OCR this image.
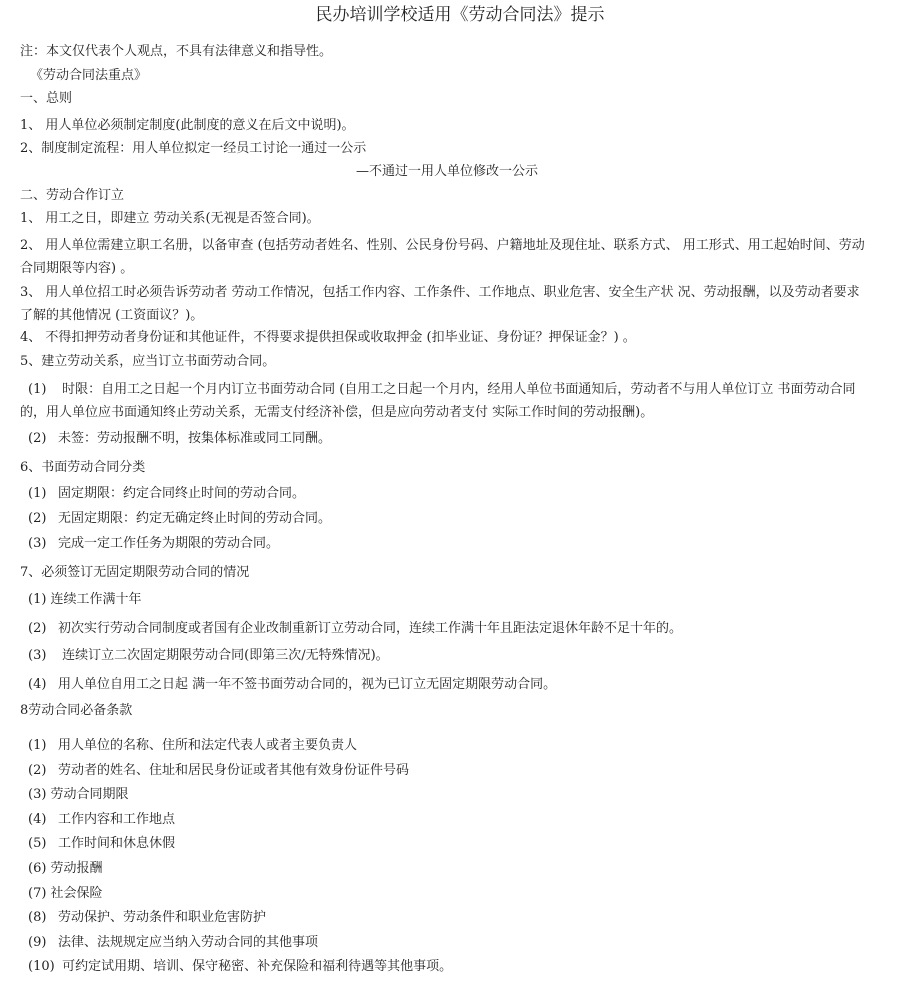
民办培训学校适用《劳动合同法》提示
注：本文仅代表个人观点，不具有法律意义和指导性。
《劳动合同法重点》
一、总则
1、 用人单位必须制定制度(此制度的意义在后文中说明)。
2、制度制定流程：用人单位拟定一经员工讨论一通过一公示
—不通过一用人单位修改一公示
二、劳动合作订立
1、 用工之日，即建立 劳动关系(无视是否签合同)。
2、 用人单位需建立职工名册，以备审查 (包括劳动者姓名、性别、公民身份号码、户籍地址及现住址、联系方式、 用工形式、用工起始时间、劳动合同期限等内容) 。
3、 用人单位招工时必须告诉劳动者 劳动工作情况，包括工作内容、工作条件、工作地点、职业危害、安全生产状 况、劳动报酬，以及劳动者要求了解的其他情况 (工资面议？)。
4、 不得扣押劳动者身份证和其他证件，不得要求提供担保或收取押金 (扣毕业证、身份证？押保证金？) 。
5、建立劳动关系，应当订立书面劳动合同。
(1) 时限：自用工之日起一个月内订立书面劳动合同 (自用工之日起一个月内，经用人单位书面通知后，劳动者不与用人单位订立 书面劳动合同的，用人单位应书面通知终止劳动关系，无需支付经济补偿，但是应向劳动者支付 实际工作时间的劳动报酬)。
(2) 未签：劳动报酬不明，按集体标准或同工同酬。
6、书面劳动合同分类
(1) 固定期限：约定合同终止时间的劳动合同。
(2) 无固定期限：约定无确定终止时间的劳动合同。
(3) 完成一定工作任务为期限的劳动合同。
7、必须签订无固定期限劳动合同的情况
(1) 连续工作满十年
(2) 初次实行劳动合同制度或者国有企业改制重新订立劳动合同，连续工作满十年且距法定退休年龄不足十年的。
(3) 连续订立二次固定期限劳动合同(即第三次/无特殊情况)。
(4) 用人单位自用工之日起 满一年不签书面劳动合同的，视为已订立无固定期限劳动合同。
8劳动合同必备条款
(1) 用人单位的名称、住所和法定代表人或者主要负责人
(2) 劳动者的姓名、住址和居民身份证或者其他有效身份证件号码
(3) 劳动合同期限
(4) 工作内容和工作地点
(5) 工作时间和休息休假
(6) 劳动报酬
(7) 社会保险
(8) 劳动保护、劳动条件和职业危害防护
(9) 法律、法规规定应当纳入劳动合同的其他事项
(10) 可约定试用期、培训、保守秘密、补充保险和福利待遇等其他事项。
